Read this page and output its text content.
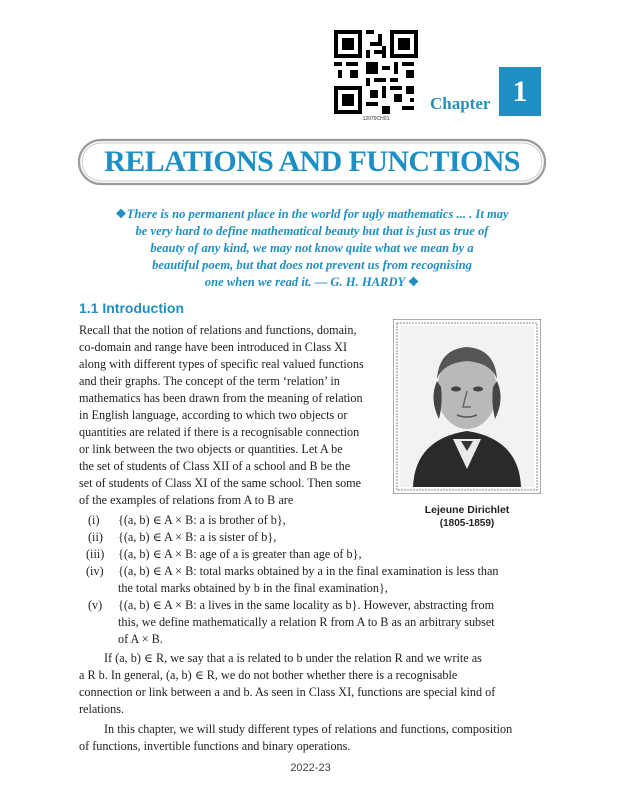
12079CH01
Chapter 1
RELATIONS AND FUNCTIONS
❖There is no permanent place in the world for ugly mathematics ... . It may
be very hard to define mathematical beauty but that is just as true of
beauty of any kind, we may not know quite what we mean by a
beautiful poem, but that does not prevent us from recognising
one when we read it. — G. H. HARDY ❖
1.1 Introduction
Lejeune Dirichlet
(1805-1859)
Recall that the notion of relations and functions, domain,
co-domain and range have been introduced in Class XI
along with different types of specific real valued functions
and their graphs. The concept of the term ‘relation’ in
mathematics has been drawn from the meaning of relation
in English language, according to which two objects or
quantities are related if there is a recognisable connection
or link between the two objects or quantities. Let A be
the set of students of Class XII of a school and B be the
set of students of Class XI of the same school. Then some
of the examples of relations from A to B are
(i) {(a, b) ∈ A × B: a is brother of b},
(ii) {(a, b) ∈ A × B: a is sister of b},
(iii) {(a, b) ∈ A × B: age of a is greater than age of b},
(iv) {(a, b) ∈ A × B: total marks obtained by a in the final examination is less than
the total marks obtained by b in the final examination},
(v) {(a, b) ∈ A × B: a lives in the same locality as b}. However, abstracting from
this, we define mathematically a relation R from A to B as an arbitrary subset
of A × B.
If (a, b) ∈ R, we say that a is related to b under the relation R and we write as
a R b. In general, (a, b) ∈ R, we do not bother whether there is a recognisable
connection or link between a and b. As seen in Class XI, functions are special kind of
relations.
In this chapter, we will study different types of relations and functions, composition
of functions, invertible functions and binary operations.
2022-23
